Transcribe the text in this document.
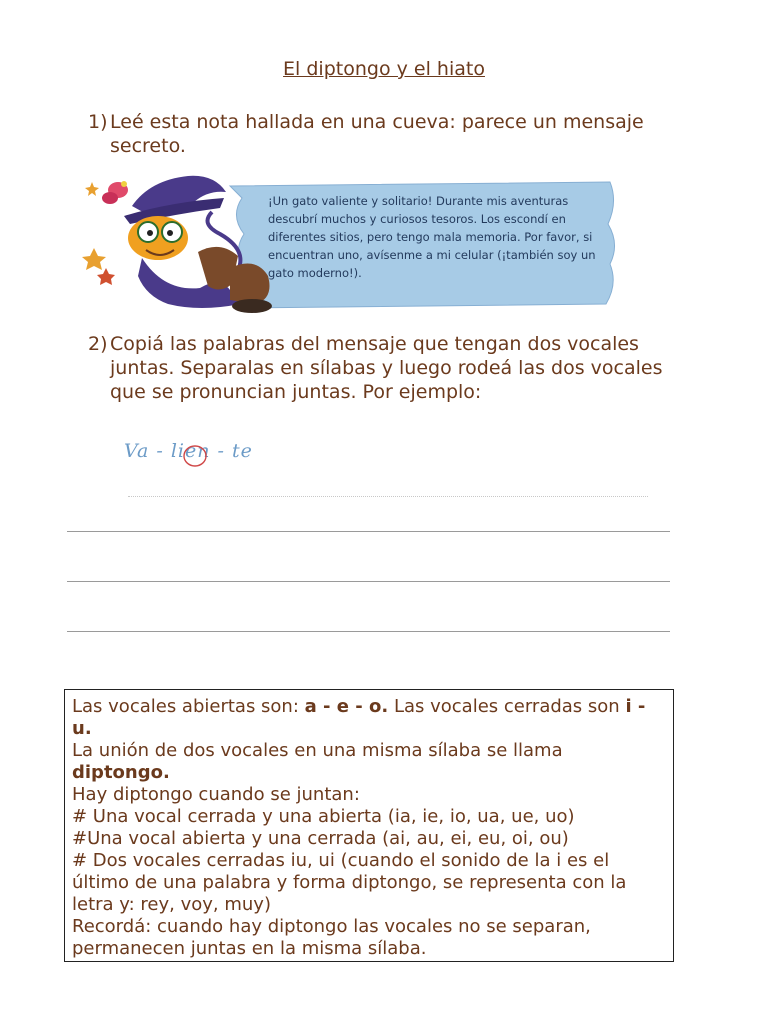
El diptongo y el hiato
1) Leé esta nota hallada en una cueva: parece un mensaje secreto.
¡Un gato valiente y solitario! Durante mis aventuras descubrí muchos y curiosos tesoros. Los escondí en diferentes sitios, pero tengo mala memoria. Por favor, si encuentran uno, avísenme a mi celular (¡también soy un gato moderno!).
2) Copiá las palabras del mensaje que tengan dos vocales juntas. Separalas en sílabas y luego rodeá las dos vocales que se pronuncian juntas. Por ejemplo:
Va - lien - te

Las vocales abiertas son: a - e - o. Las vocales cerradas son i - u.

La unión de dos vocales en una misma sílaba se llama diptongo.

Hay diptongo cuando se juntan:

# Una vocal cerrada y una abierta (ia, ie, io, ua, ue, uo)

#Una vocal abierta y una cerrada (ai, au, ei, eu, oi, ou)

# Dos vocales cerradas iu, ui (cuando el sonido de la i es el último de una palabra y forma diptongo, se representa con la letra y: rey, voy, muy)

Recordá: cuando hay diptongo las vocales no se separan, permanecen juntas en la misma sílaba.
